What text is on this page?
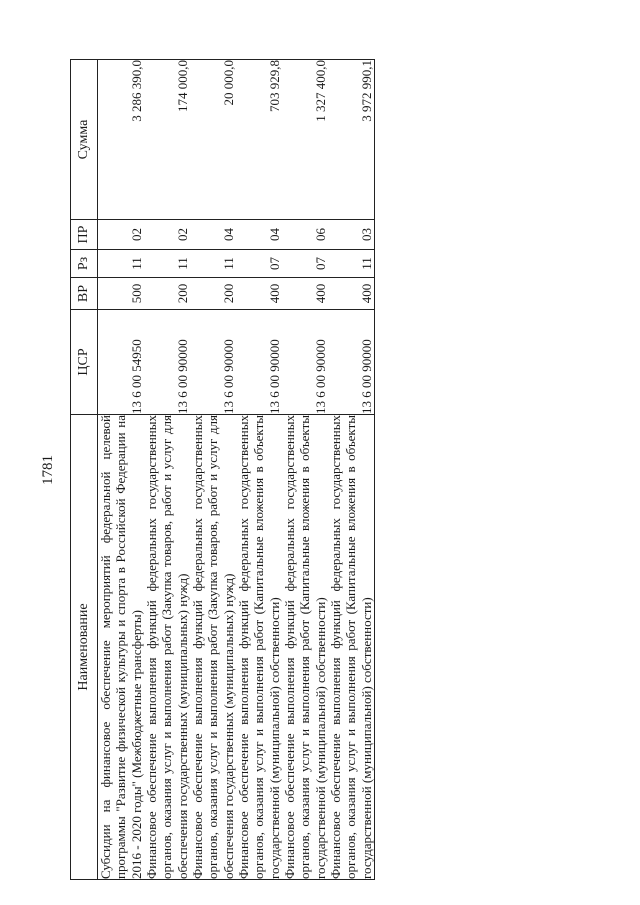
1781
Наименование	ЦСР	ВР	Рз	ПР	Сумма
Субсидии на финансовое обеспечение мероприятий федеральной целевой программы "Развитие физической культуры и спорта в Российской Федерации на 2016 - 2020 годы" (Межбюджетные трансферты)	13 6 00 54950	500	11	02	3 286 390,0
Финансовое обеспечение выполнения функций федеральных государственных органов, оказания услуг и выполнения работ (Закупка товаров, работ и услуг для обеспечения государственных (муниципальных) нужд)	13 6 00 90000	200	11	02	174 000,0
Финансовое обеспечение выполнения функций федеральных государственных органов, оказания услуг и выполнения работ (Закупка товаров, работ и услуг для обеспечения государственных (муниципальных) нужд)	13 6 00 90000	200	11	04	20 000,0
Финансовое обеспечение выполнения функций федеральных государственных органов, оказания услуг и выполнения работ (Капитальные вложения в объекты государственной (муниципальной) собственности)	13 6 00 90000	400	07	04	703 929,8
Финансовое обеспечение выполнения функций федеральных государственных органов, оказания услуг и выполнения работ (Капитальные вложения в объекты государственной (муниципальной) собственности)	13 6 00 90000	400	07	06	1 327 400,0
Финансовое обеспечение выполнения функций федеральных государственных органов, оказания услуг и выполнения работ (Капитальные вложения в объекты государственной (муниципальной) собственности)	13 6 00 90000	400	11	03	3 972 990,1
